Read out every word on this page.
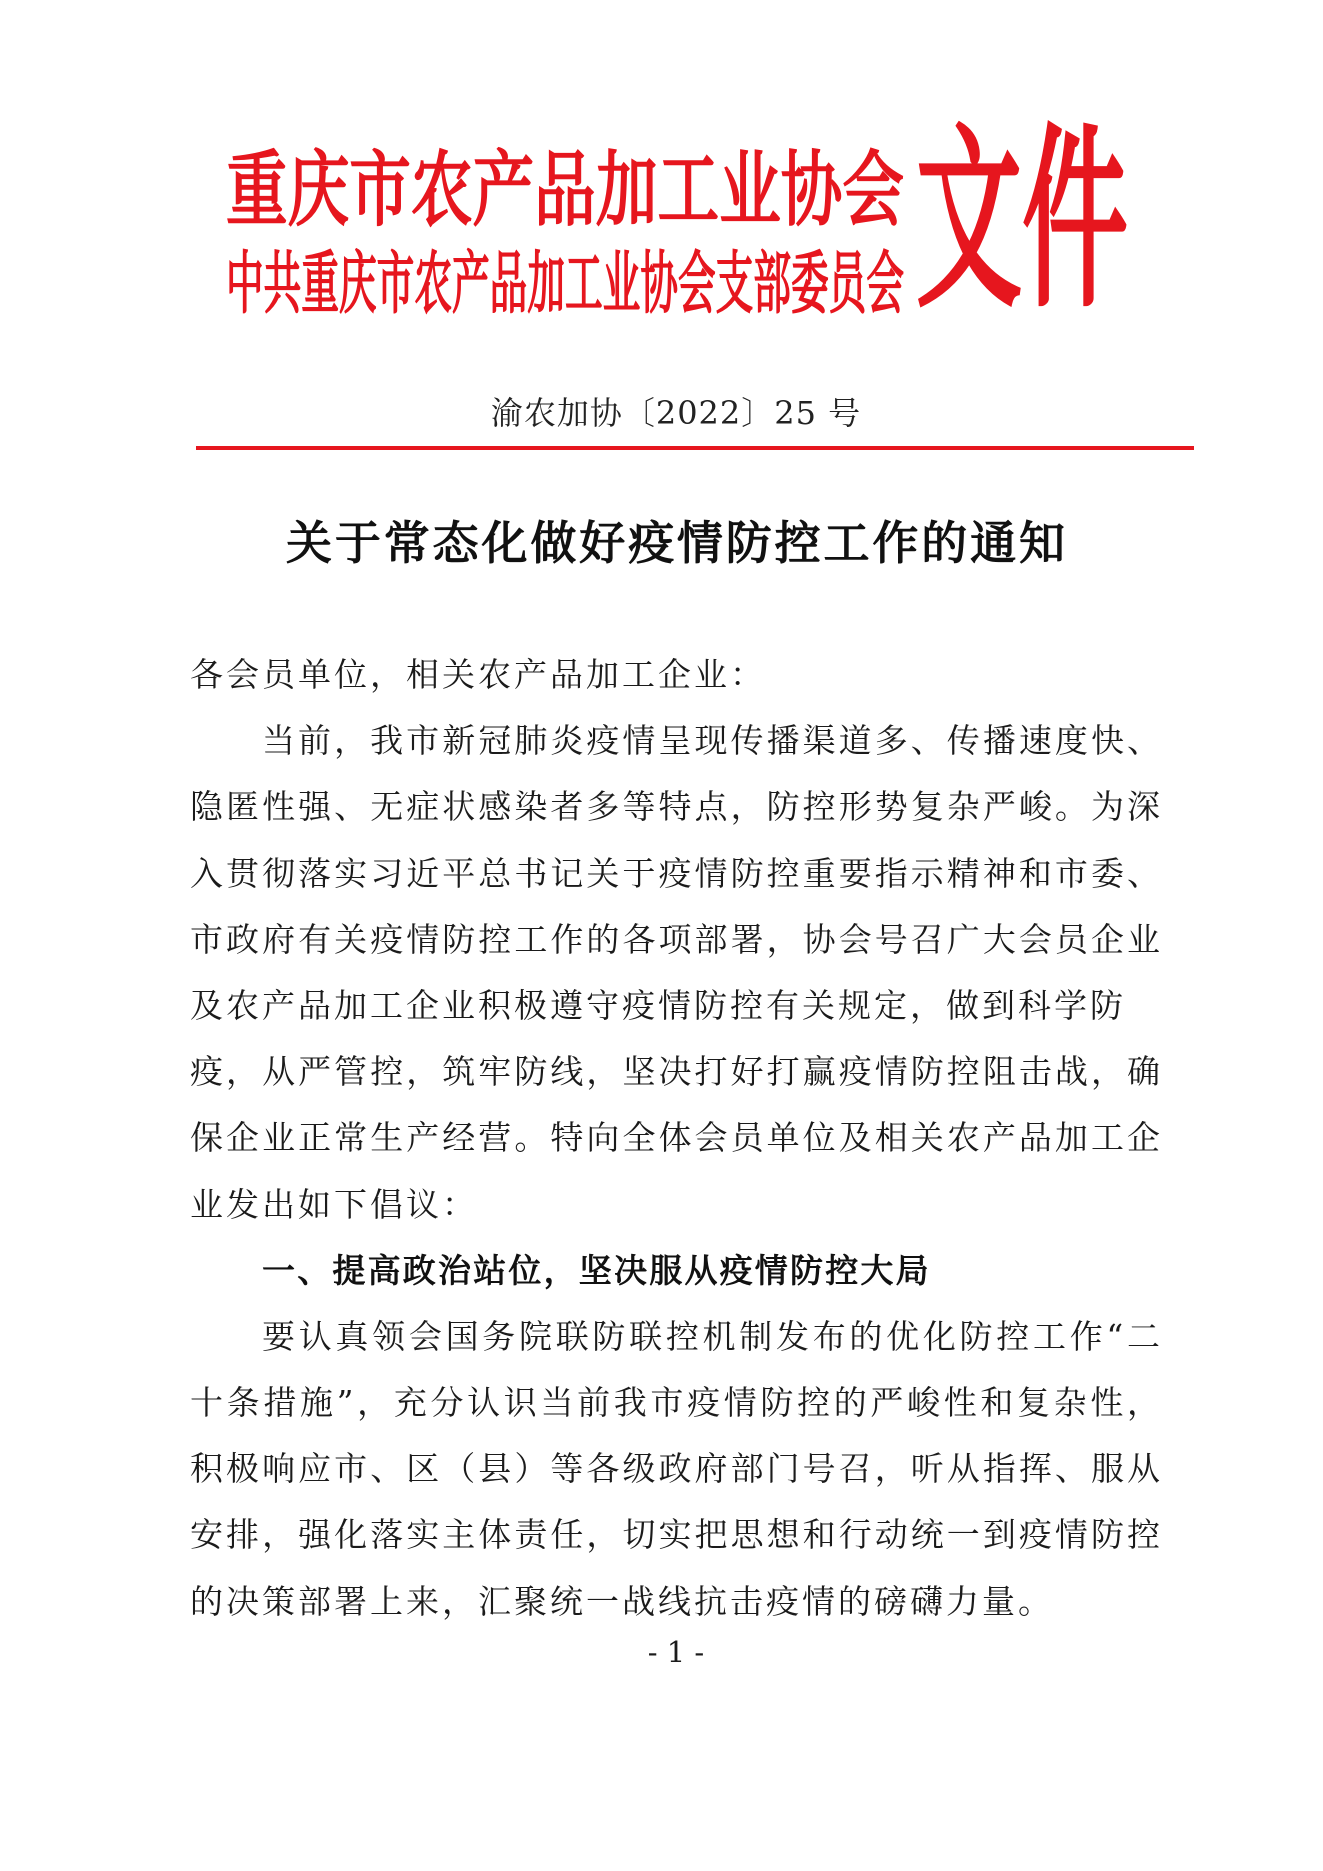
重庆市农产品加工业协会
中共重庆市农产品加工业协会支部委员会 文件
渝农加协〔2022〕25 号
关于常态化做好疫情防控工作的通知
各会员单位，相关农产品加工企业：
当前，我市新冠肺炎疫情呈现传播渠道多、传播速度快、
隐匿性强、无症状感染者多等特点，防控形势复杂严峻。为深
入贯彻落实习近平总书记关于疫情防控重要指示精神和市委、
市政府有关疫情防控工作的各项部署，协会号召广大会员企业
及农产品加工企业积极遵守疫情防控有关规定，做到科学防
疫，从严管控，筑牢防线，坚决打好打赢疫情防控阻击战，确
保企业正常生产经营。特向全体会员单位及相关农产品加工企
业发出如下倡议：
一、提高政治站位，坚决服从疫情防控大局
要认真领会国务院联防联控机制发布的优化防控工作“二
十条措施”，充分认识当前我市疫情防控的严峻性和复杂性，
积极响应市、区（县）等各级政府部门号召，听从指挥、服从
安排，强化落实主体责任，切实把思想和行动统一到疫情防控
的决策部署上来，汇聚统一战线抗击疫情的磅礴力量。
- 1 -
